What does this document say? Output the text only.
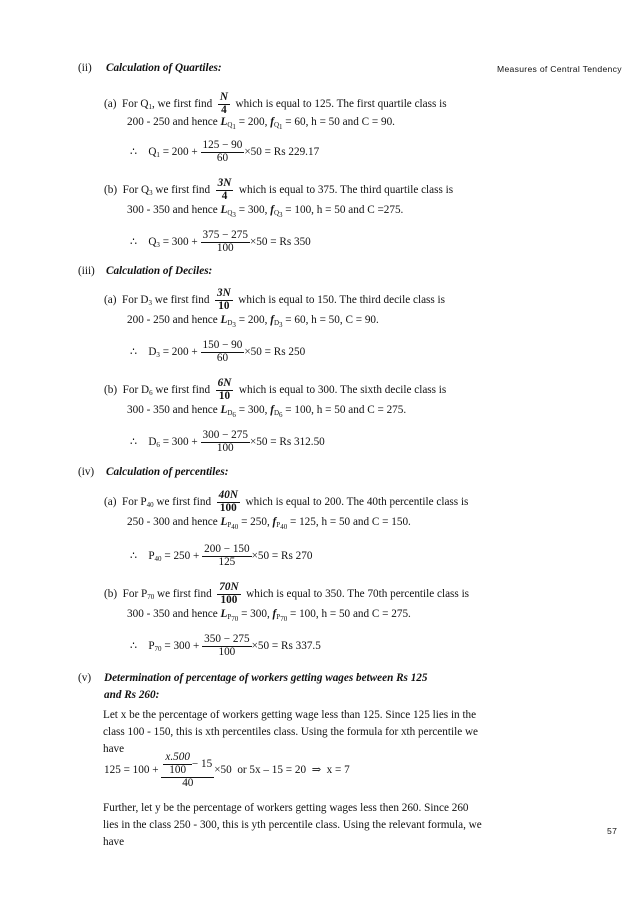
Measures of Central Tendency
(ii) Calculation of Quartiles:
(a) For $Q_1$, we first find $\frac{N}{4}$ which is equal to 125. The first quartile class is
200 - 250 and hence $L_{Q_1} = 200$, $f_{Q_1} = 60$, h = 50 and C = 90.
∴    $Q_1 = 200 + \frac{125 - 90}{60} \times 50 = Rs$ 229.17
(b) For $Q_3$ we first find $\frac{3N}{4}$ which is equal to 375. The third quartile class is
300 - 350 and hence $L_{Q_3} = 300$, $f_{Q_3} = 100$, h = 50 and C =275.
∴    $Q_3 = 300 + \frac{375 - 275}{100} \times 50 = Rs$ 350
(iii) Calculation of Deciles:
(a) For $D_3$ we first find $\frac{3N}{10}$ which is equal to 150. The third decile class is
200 - 250 and hence $L_{D_3} = 200$, $f_{D_3} = 60$, h = 50, C = 90.
∴    $D_3 = 200 + \frac{150 - 90}{60} \times 50 = Rs$ 250
(b) For $D_6$ we first find $\frac{6N}{10}$ which is equal to 300. The sixth decile class is
300 - 350 and hence $L_{D_6} = 300$, $f_{D_6} = 100$, h = 50 and C = 275.
∴    $D_6 = 300 + \frac{300 - 275}{100} \times 50 = Rs$ 312.50
(iv) Calculation of percentiles:
(a) For $P_{40}$ we first find $\frac{40N}{100}$ which is equal to 200. The 40th percentile class is
250 - 300 and hence $L_{P_{40}} = 250$, $f_{P_{40}} = 125$, h = 50 and C = 150.
∴    $P_{40} = 250 + \frac{200 - 150}{125} \times 50 = Rs$ 270
(b) For $P_{70}$ we first find $\frac{70N}{100}$ which is equal to 350. The 70th percentile class is
300 - 350 and hence $L_{P_{70}} = 300$, $f_{P_{70}} = 100$, h = 50 and C = 275.
∴    $P_{70} = 300 + \frac{350 - 275}{100} \times 50 = Rs$ 337.5
(v) Determination of percentage of workers getting wages between Rs 125
and Rs 260:
Let x be the percentage of workers getting wage less than 125. Since 125 lies in the class 100 - 150, this is xth percentiles class. Using the formula for xth percentile we have
$125 = 100 + \frac{\frac{x.500}{100} - 15}{40} \times 50$ or 5x – 15 = 20 ⇒ x = 7
Further, let y be the percentage of workers getting wages less then 260. Since 260 lies in the class 250 - 300, this is yth percentile class. Using the relevant formula, we have
57
